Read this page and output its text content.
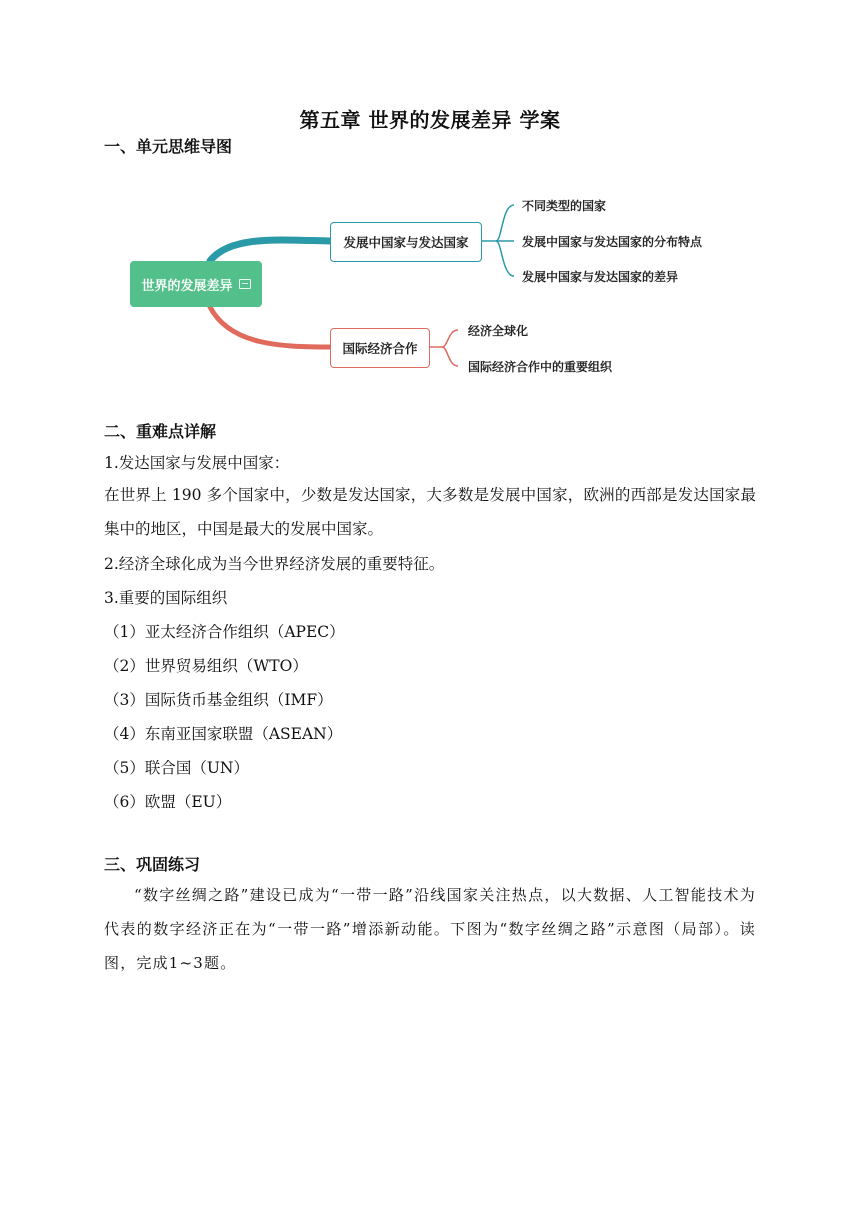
第五章 世界的发展差异 学案
一、单元思维导图
世界的发展差异
发展中国家与发达国家
国际经济合作
不同类型的国家
发展中国家与发达国家的分布特点
发展中国家与发达国家的差异
经济全球化
国际经济合作中的重要组织
二、重难点详解
1.发达国家与发展中国家：
在世界上 190 多个国家中，少数是发达国家，大多数是发展中国家，欧洲的西部是发达国家最集中的地区，中国是最大的发展中国家。
2.经济全球化成为当今世界经济发展的重要特征。
3.重要的国际组织
（1）亚太经济合作组织（APEC）
（2）世界贸易组织（WTO）
（3）国际货币基金组织（IMF）
（4）东南亚国家联盟（ASEAN）
（5）联合国（UN）
（6）欧盟（EU）
三、巩固练习
“数字丝绸之路”建设已成为“一带一路”沿线国家关注热点，以大数据、人工智能技术为代表的数字经济正在为“一带一路”增添新动能。下图为“数字丝绸之路”示意图（局部）。读图，完成1~3题。
